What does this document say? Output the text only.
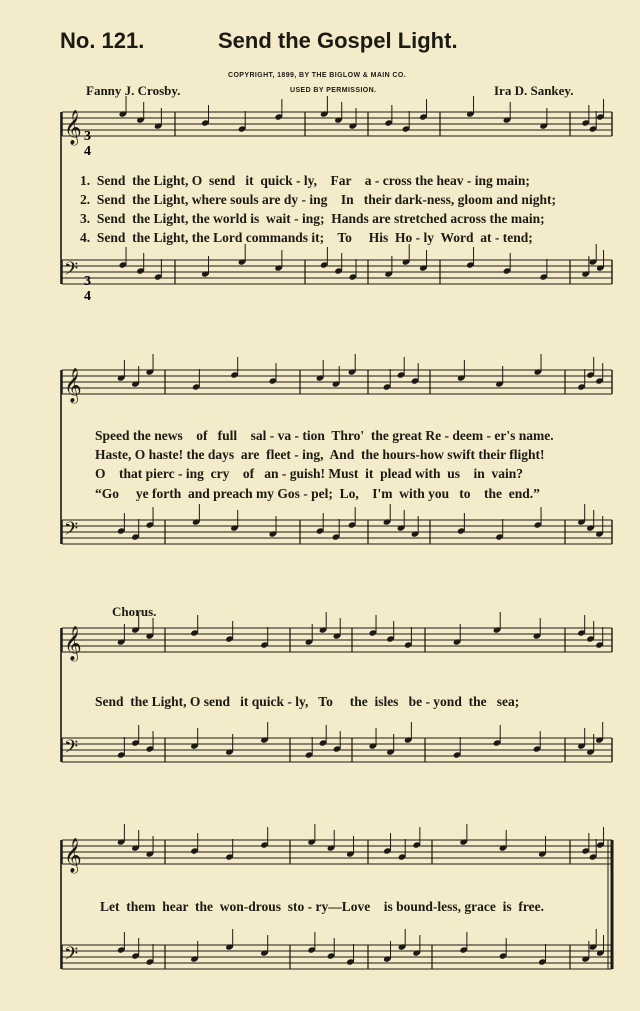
No. 121.	Send the Gospel Light.
COPYRIGHT, 1899, BY THE BIGLOW & MAIN CO.
USED BY PERMISSION.
Fanny J. Crosby.	Ira D. Sankey.
𝄞
𝄢
𝄞
𝄢
𝄞
𝄢
𝄞
𝄢
3
4
3
4
1.  Send  the Light, O  send   it  quick - ly,    Far    a - cross the heav - ing main;
2.  Send  the Light, where souls are dy - ing    In   their dark-ness, gloom and night;
3.  Send  the Light, the world is  wait - ing;  Hands are stretched across the main;
4.  Send  the Light, the Lord commands it;    To     His  Ho - ly  Word  at - tend;
Speed the news    of   full    sal - va - tion  Thro'  the great Re - deem - er's name.
Haste, O haste! the days  are  fleet - ing,  And  the hours-how swift their flight!
O    that pierc - ing  cry    of   an - guish! Must  it  plead with  us    in  vain?
“Go     ye forth  and preach my Gos - pel;  Lo,    I'm  with you   to    the  end.”
Chorus.
Send  the Light, O send   it quick - ly,   To     the  isles   be - yond  the   sea;
Let  them  hear  the  won-drous  sto - ry—Love    is bound-less, grace  is  free.
